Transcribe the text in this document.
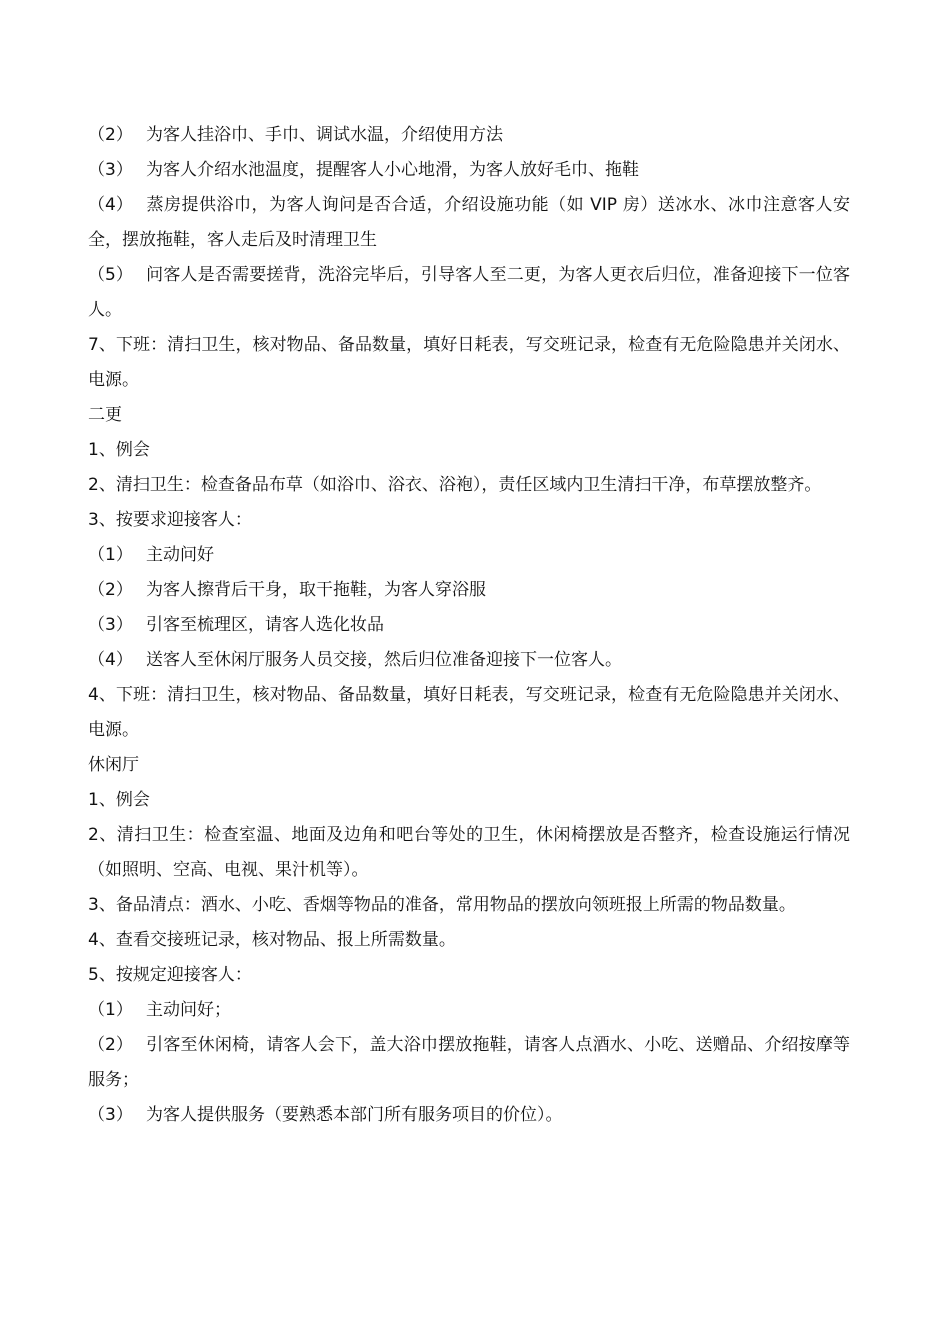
（2） 为客人挂浴巾、手巾、调试水温，介绍使用方法

（3） 为客人介绍水池温度，提醒客人小心地滑，为客人放好毛巾、拖鞋

（4） 蒸房提供浴巾，为客人询问是否合适，介绍设施功能（如 VIP 房）送冰水、冰巾注意客人安全，摆放拖鞋，客人走后及时清理卫生

（5） 问客人是否需要搓背，洗浴完毕后，引导客人至二更，为客人更衣后归位，准备迎接下一位客人。

7、下班：清扫卫生，核对物品、备品数量，填好日耗表，写交班记录，检查有无危险隐患并关闭水、电源。

二更

1、例会

2、清扫卫生：检查备品布草（如浴巾、浴衣、浴袍），责任区域内卫生清扫干净，布草摆放整齐。

3、按要求迎接客人：

（1） 主动问好

（2） 为客人擦背后干身，取干拖鞋，为客人穿浴服

（3） 引客至梳理区，请客人选化妆品

（4） 送客人至休闲厅服务人员交接，然后归位准备迎接下一位客人。

4、下班：清扫卫生，核对物品、备品数量，填好日耗表，写交班记录，检查有无危险隐患并关闭水、电源。

休闲厅

1、例会

2、清扫卫生：检查室温、地面及边角和吧台等处的卫生，休闲椅摆放是否整齐，检查设施运行情况（如照明、空高、电视、果汁机等）。

3、备品清点：酒水、小吃、香烟等物品的准备，常用物品的摆放向领班报上所需的物品数量。

4、查看交接班记录，核对物品、报上所需数量。

5、按规定迎接客人：

（1） 主动问好；

（2） 引客至休闲椅，请客人会下，盖大浴巾摆放拖鞋，请客人点酒水、小吃、送赠品、介绍按摩等服务；

（3） 为客人提供服务（要熟悉本部门所有服务项目的价位）。
